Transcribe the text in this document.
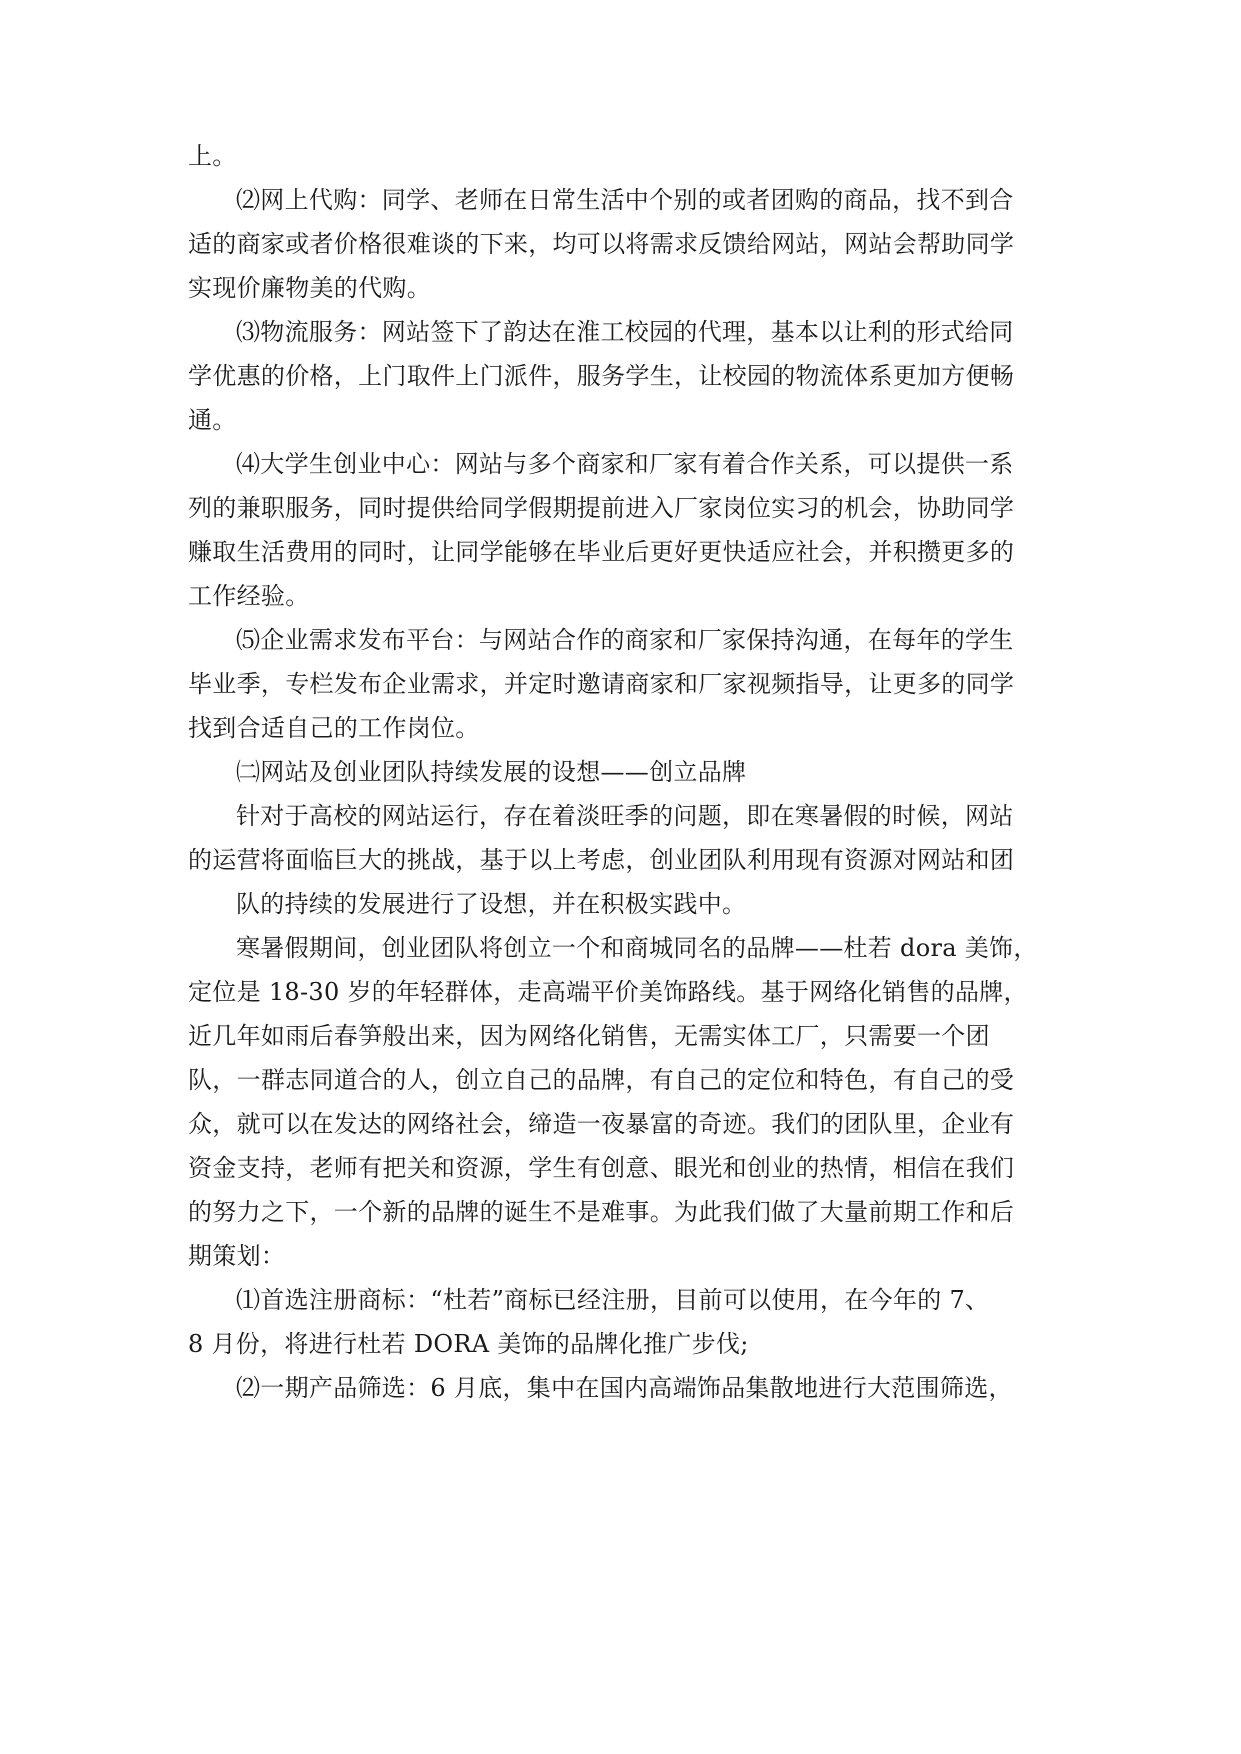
上。
⑵网上代购：同学、老师在日常生活中个别的或者团购的商品，找不到合
适的商家或者价格很难谈的下来，均可以将需求反馈给网站，网站会帮助同学
实现价廉物美的代购。
⑶物流服务：网站签下了韵达在淮工校园的代理，基本以让利的形式给同
学优惠的价格，上门取件上门派件，服务学生，让校园的物流体系更加方便畅
通。
⑷大学生创业中心：网站与多个商家和厂家有着合作关系，可以提供一系
列的兼职服务，同时提供给同学假期提前进入厂家岗位实习的机会，协助同学
赚取生活费用的同时，让同学能够在毕业后更好更快适应社会，并积攒更多的
工作经验。
⑸企业需求发布平台：与网站合作的商家和厂家保持沟通，在每年的学生
毕业季，专栏发布企业需求，并定时邀请商家和厂家视频指导，让更多的同学
找到合适自己的工作岗位。
㈡网站及创业团队持续发展的设想——创立品牌
针对于高校的网站运行，存在着淡旺季的问题，即在寒暑假的时候，网站
的运营将面临巨大的挑战，基于以上考虑，创业团队利用现有资源对网站和团
队的持续的发展进行了设想，并在积极实践中。
寒暑假期间，创业团队将创立一个和商城同名的品牌——杜若 dora 美饰，
定位是 18-30 岁的年轻群体，走高端平价美饰路线。基于网络化销售的品牌，
近几年如雨后春笋般出来，因为网络化销售，无需实体工厂，只需要一个团
队，一群志同道合的人，创立自己的品牌，有自己的定位和特色，有自己的受
众，就可以在发达的网络社会，缔造一夜暴富的奇迹。我们的团队里，企业有
资金支持，老师有把关和资源，学生有创意、眼光和创业的热情，相信在我们
的努力之下，一个新的品牌的诞生不是难事。为此我们做了大量前期工作和后
期策划：
⑴首选注册商标：“杜若”商标已经注册，目前可以使用，在今年的 7、
8 月份，将进行杜若 DORA 美饰的品牌化推广步伐;
⑵一期产品筛选：6 月底，集中在国内高端饰品集散地进行大范围筛选，
